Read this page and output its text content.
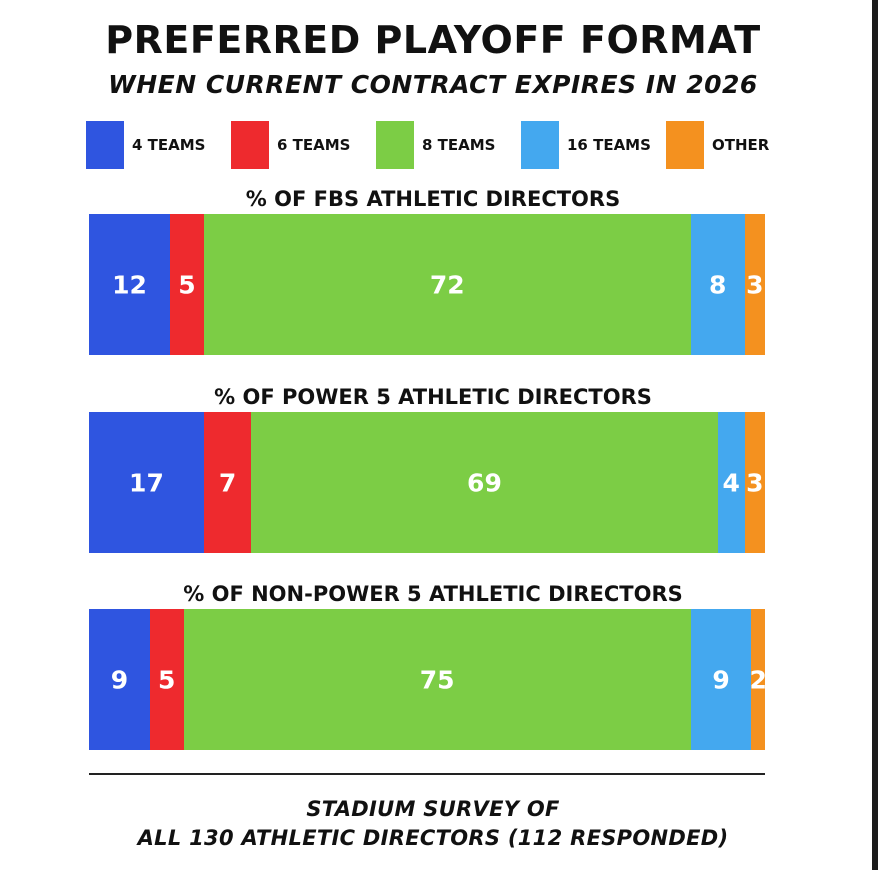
PREFERRED PLAYOFF FORMAT
WHEN CURRENT CONTRACT EXPIRES IN 2026
4 TEAMS	6 TEAMS	8 TEAMS	16 TEAMS	OTHER
% OF FBS ATHLETIC DIRECTORS
12 5	72	8 3
% OF POWER 5 ATHLETIC DIRECTORS
17 7	69	4 3
% OF NON-POWER 5 ATHLETIC DIRECTORS
9 5	75	9 2
STADIUM SURVEY OF
ALL 130 ATHLETIC DIRECTORS (112 RESPONDED)
